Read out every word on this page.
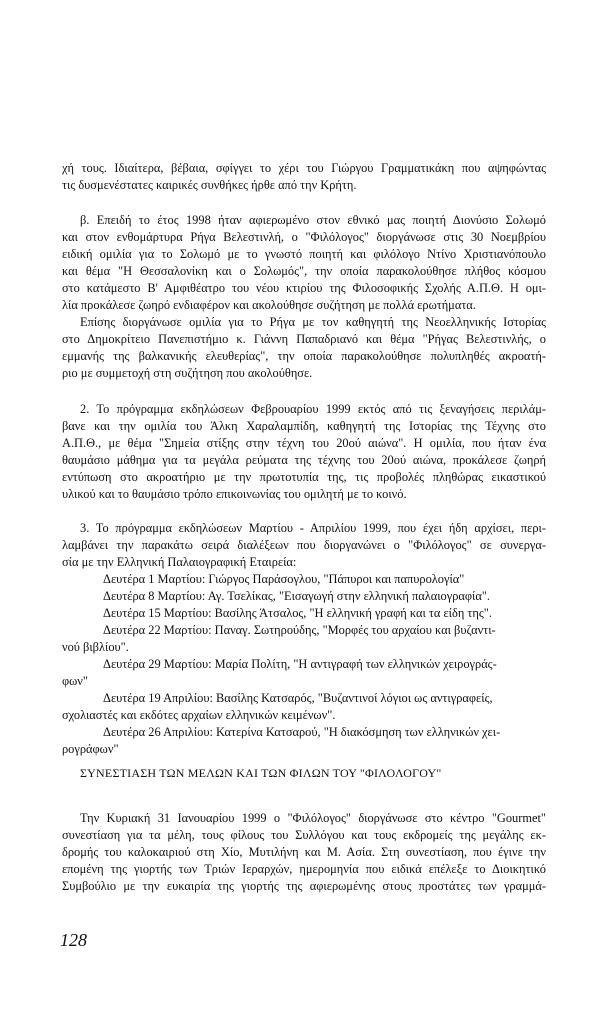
χή τους. Ιδιαίτερα, βέβαια, σφίγγει το χέρι του Γιώργου Γραμματικάκη που αψηφώντας
τις δυσμενέστατες καιρικές συνθήκες ήρθε από την Κρήτη.
β. Επειδή το έτος 1998 ήταν αφιερωμένο στον εθνικό μας ποιητή Διονύσιο Σολωμό
και στον ενθομάρτυρα Ρήγα Βελεστινλή, ο "Φιλόλογος" διοργάνωσε στις 30 Νοεμβρίου
ειδική ομιλία για το Σολωμό με το γνωστό ποιητή και φιλόλογο Ντίνο Χριστιανόπουλο
και θέμα "Η Θεσσαλονίκη και ο Σολωμός", την οποία παρακολούθησε πλήθος κόσμου
στο κατάμεστο Β' Αμφιθέατρο του νέου κτιρίου της Φιλοσοφικής Σχολής Α.Π.Θ. Η ομι-
λία προκάλεσε ζωηρό ενδιαφέρον και ακολούθησε συζήτηση με πολλά ερωτήματα.
Επίσης διοργάνωσε ομιλία για το Ρήγα με τον καθηγητή της Νεοελληνικής Ιστορίας
στο Δημοκρίτειο Πανεπιστήμιο κ. Γιάννη Παπαδριανό και θέμα "Ρήγας Βελεστινλής, ο
εμμανής της βαλκανικής ελευθερίας", την οποία παρακολούθησε πολυπληθές ακροατή-
ριο με συμμετοχή στη συζήτηση που ακολούθησε.
2. Το πρόγραμμα εκδηλώσεων Φεβρουαρίου 1999 εκτός από τις ξεναγήσεις περιλάμ-
βανε και την ομιλία του Άλκη Χαραλαμπίδη, καθηγητή της Ιστορίας της Τέχνης στο
Α.Π.Θ., με θέμα "Σημεία στίξης στην τέχνη του 20ού αιώνα". Η ομιλία, που ήταν ένα
θαυμάσιο μάθημα για τα μεγάλα ρεύματα της τέχνης του 20ού αιώνα, προκάλεσε ζωηρή
εντύπωση στο ακροατήριο με την πρωτοτυπία της, τις προβολές πληθώρας εικαστικού
υλικού και το θαυμάσιο τρόπο επικοινωνίας του ομιλητή με το κοινό.
3. Το πρόγραμμα εκδηλώσεων Μαρτίου - Απριλίου 1999, που έχει ήδη αρχίσει, περι-
λαμβάνει την παρακάτω σειρά διαλέξεων που διοργανώνει ο "Φιλόλογος" σε συνεργα-
σία με την Ελληνική Παλαιογραφική Εταιρεία:
Δευτέρα 1 Μαρτίου: Γιώργος Παράσογλου, "Πάπυροι και παπυρολογία"
Δευτέρα 8 Μαρτίου: Αγ. Τσελίκας, "Εισαγωγή στην ελληνική παλαιογραφία".
Δευτέρα 15 Μαρτίου: Βασίλης Άτσαλος, "Η ελληνική γραφή και τα είδη της".
Δευτέρα 22 Μαρτίου: Παναγ. Σωτηρούδης, "Μορφές του αρχαίου και βυζαντι-
νού βιβλίου".
Δευτέρα 29 Μαρτίου: Μαρία Πολίτη, "Η αντιγραφή των ελληνικών χειρογράς-
φων"
Δευτέρα 19 Απριλίου: Βασίλης Κατσαρός, "Βυζαντινοί λόγιοι ως αντιγραφείς,
σχολιαστές και εκδότες αρχαίων ελληνικών κειμένων".
Δευτέρα 26 Απριλίου: Κατερίνα Κατσαρού, "Η διακόσμηση των ελληνικών χει-
ρογράφων"
ΣΥΝΕΣΤΙΑΣΗ ΤΩΝ ΜΕΛΩΝ ΚΑΙ ΤΩΝ ΦΙΛΩΝ ΤΟΥ "ΦΙΛΟΛΟΓΟΥ"
Την Κυριακή 31 Ιανουαρίου 1999 ο "Φιλόλογος" διοργάνωσε στο κέντρο "Gourmet"
συνεστίαση για τα μέλη, τους φίλους του Συλλόγου και τους εκδρομείς της μεγάλης εκ-
δρομής του καλοκαιριού στη Χίο, Μυτιλήνη και Μ. Ασία. Στη συνεστίαση, που έγινε την
επομένη της γιορτής των Τριών Ιεραρχών, ημερομηνία που ειδικά επέλεξε το Διοικητικό
Συμβούλιο με την ευκαιρία της γιορτής της αφιερωμένης στους προστάτες των γραμμά-
128
